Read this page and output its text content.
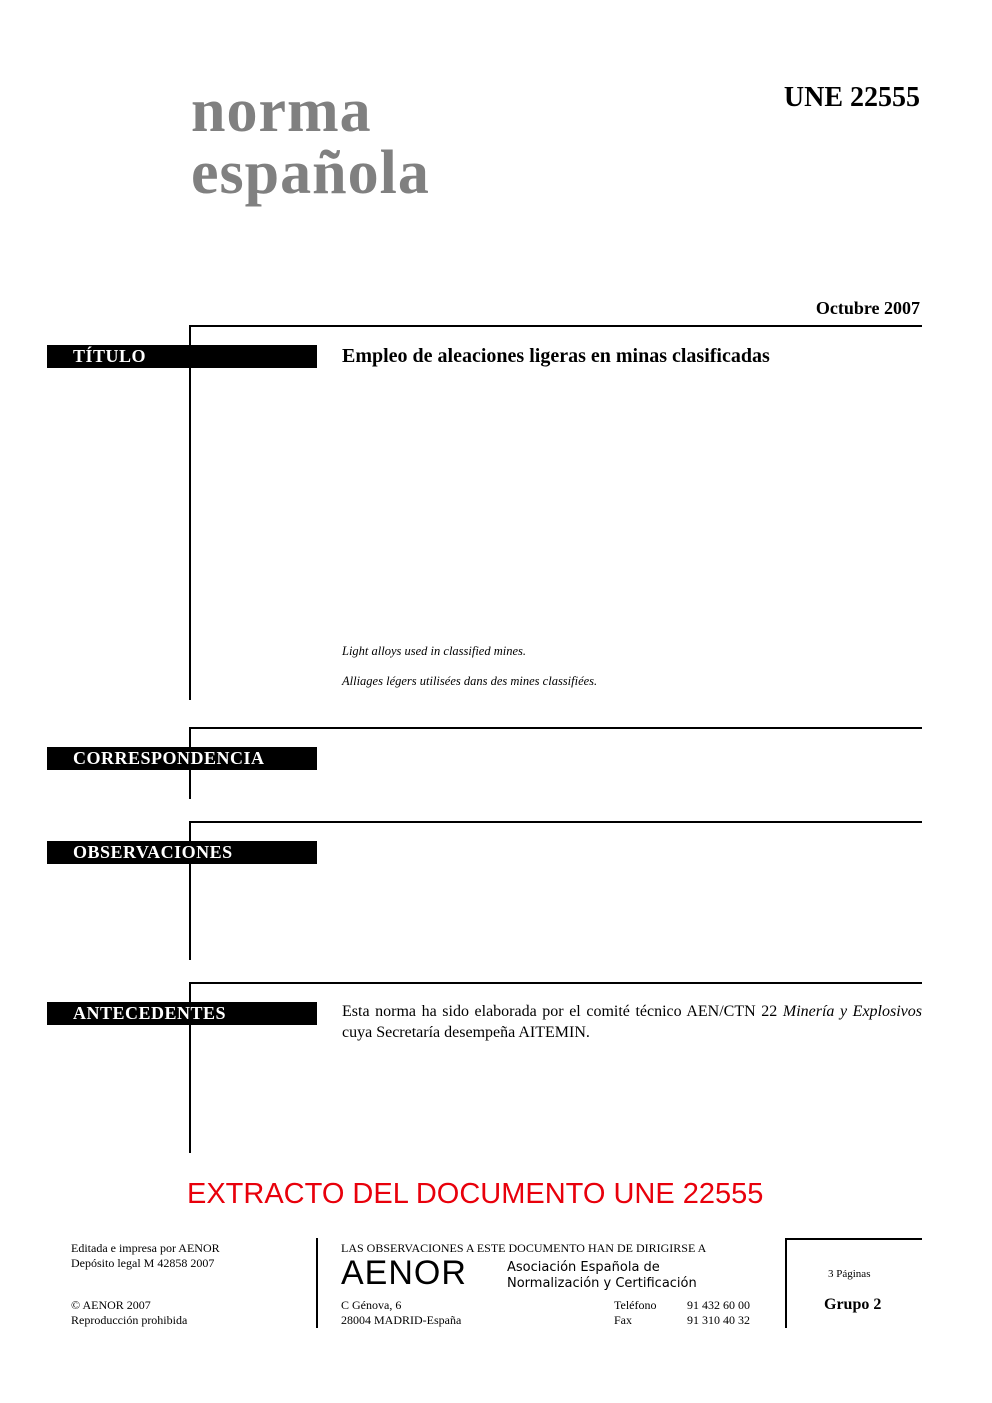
norma
española
UNE 22555
Octubre 2007
TÍTULO	Empleo de aleaciones ligeras en minas clasificadas
Light alloys used in classified mines.
Alliages légers utilisées dans des mines classifiées.
CORRESPONDENCIA
OBSERVACIONES
ANTECEDENTES	Esta norma ha sido elaborada por el comité técnico AEN/CTN 22 Minería y Explosivos cuya Secretaría desempeña AITEMIN.
EXTRACTO DEL DOCUMENTO UNE 22555
Editada e impresa por AENOR
Depósito legal M 42858 2007
© AENOR 2007
Reproducción prohibida
LAS OBSERVACIONES A ESTE DOCUMENTO HAN DE DIRIGIRSE A
AENOR	Asociación Española de
Normalización y Certificación
C Génova, 6
28004 MADRID-España
Teléfono	91 432 60 00
Fax	91 310 40 32
3 Páginas
Grupo 2
